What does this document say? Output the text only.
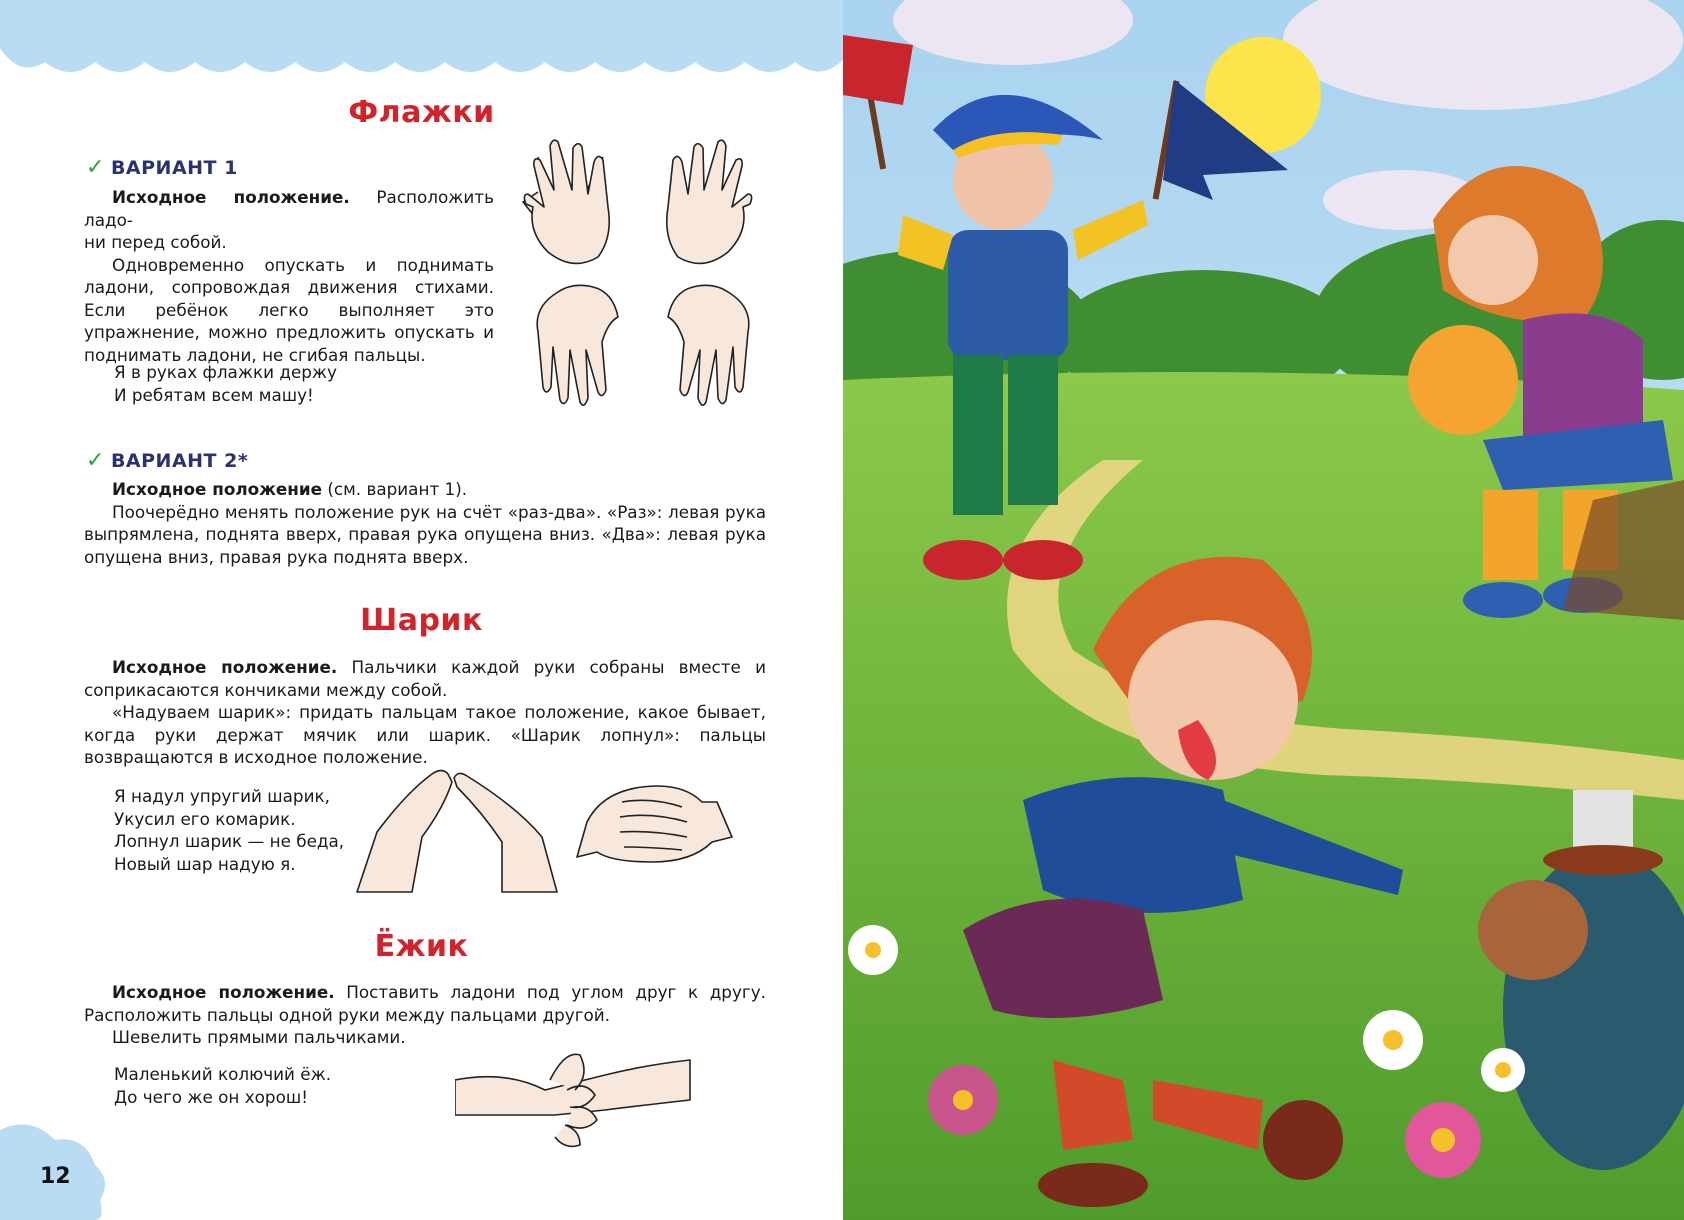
Флажки
✓ ВАРИАНТ 1

Исходное положение. Расположить ладо-

ни перед собой.

Одновременно опускать и поднимать ладони, сопровождая движения стихами. Если ребёнок легко выполняет это упражнение, можно предложить опускать и поднимать ладони, не сгибая пальцы.

Я в руках флажки держу
И ребятам всем машу!
✓ ВАРИАНТ 2*

Исходное положение (см. вариант 1).

Поочерёдно менять положение рук на счёт «раз-два». «Раз»: левая рука выпрямлена, поднята вверх, правая рука опущена вниз. «Два»: левая рука опущена вниз, правая рука поднята вверх.

Шарик

Исходное положение. Пальчики каждой руки собраны вместе и соприкасаются кончиками между собой.

«Надуваем шарик»: придать пальцам такое положение, какое бывает, когда руки держат мячик или шарик. «Шарик лопнул»: пальцы возвращаются в исходное положение.

Я надул упругий шарик,
Укусил его комарик.
Лопнул шарик — не беда,
Новый шар надую я.
Ёжик

Исходное положение. Поставить ладони под углом друг к другу. Расположить пальцы одной руки между пальцами другой.

Шевелить прямыми пальчиками.

Маленький колючий ёж.
До чего же он хорош!
12
